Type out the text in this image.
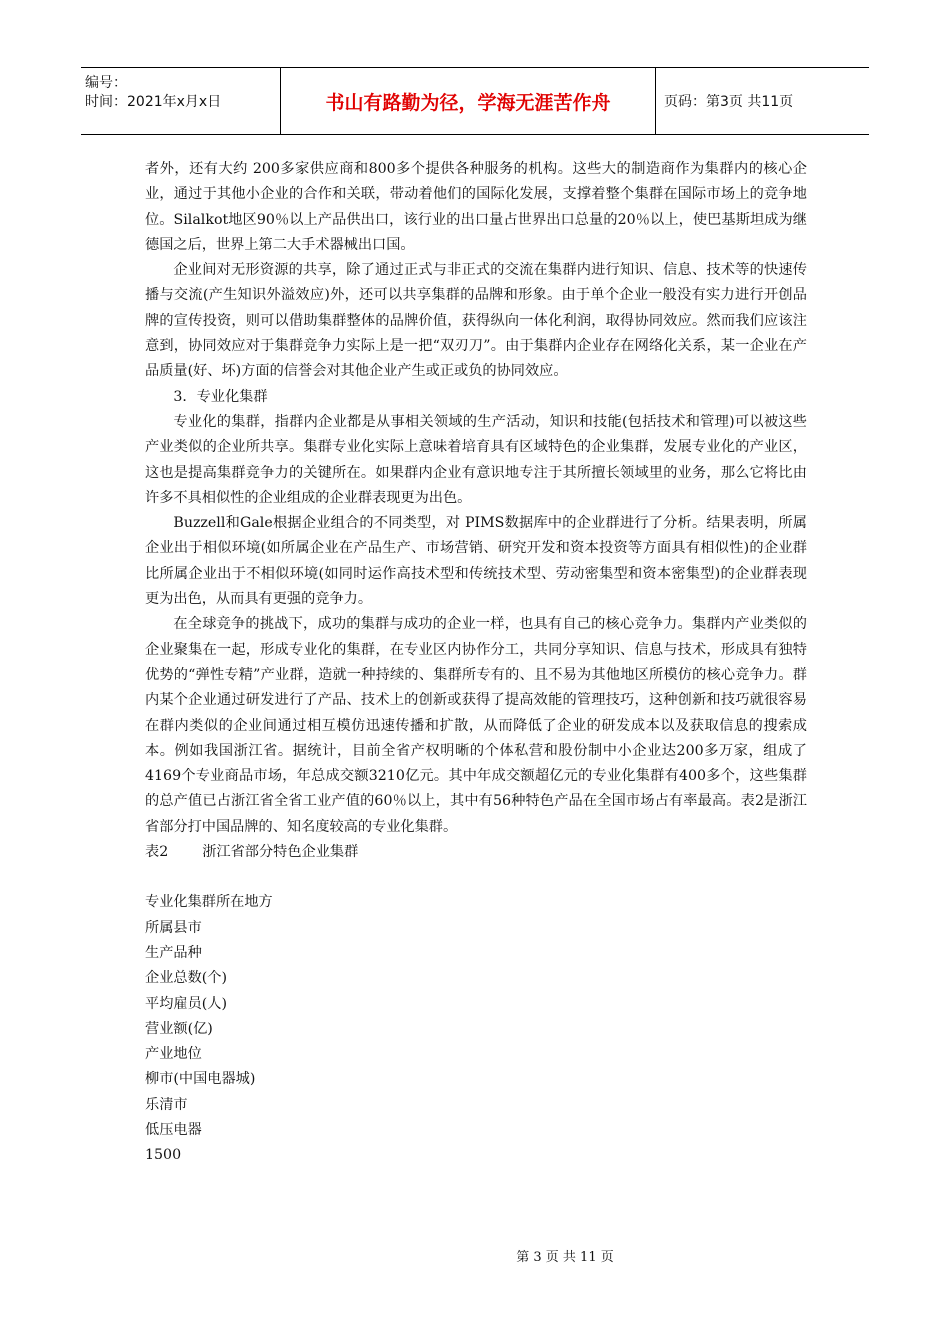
编号：
时间：2021年x月x日	书山有路勤为径，学海无涯苦作舟	页码：第3页 共11页

者外，还有大约 200多家供应商和800多个提供各种服务的机构。这些大的制造商作为集群内的核心企业，通过于其他小企业的合作和关联，带动着他们的国际化发展，支撑着整个集群在国际市场上的竞争地位。Silalkot地区90％以上产品供出口，该行业的出口量占世界出口总量的20％以上，使巴基斯坦成为继德国之后，世界上第二大手术器械出口国。

企业间对无形资源的共享，除了通过正式与非正式的交流在集群内进行知识、信息、技术等的快速传播与交流(产生知识外溢效应)外，还可以共享集群的品牌和形象。由于单个企业一般没有实力进行开创品牌的宣传投资，则可以借助集群整体的品牌价值，获得纵向一体化利润，取得协同效应。然而我们应该注意到，协同效应对于集群竞争力实际上是一把“双刃刀”。由于集群内企业存在网络化关系，某一企业在产品质量(好、坏)方面的信誉会对其他企业产生或正或负的协同效应。

3．专业化集群

专业化的集群，指群内企业都是从事相关领域的生产活动，知识和技能(包括技术和管理)可以被这些产业类似的企业所共享。集群专业化实际上意味着培育具有区域特色的企业集群，发展专业化的产业区，这也是提高集群竞争力的关键所在。如果群内企业有意识地专注于其所擅长领域里的业务，那么它将比由许多不具相似性的企业组成的企业群表现更为出色。

Buzzell和Gale根据企业组合的不同类型，对 PIMS数据库中的企业群进行了分析。结果表明，所属企业出于相似环境(如所属企业在产品生产、市场营销、研究开发和资本投资等方面具有相似性)的企业群比所属企业出于不相似环境(如同时运作高技术型和传统技术型、劳动密集型和资本密集型)的企业群表现更为出色，从而具有更强的竞争力。

在全球竞争的挑战下，成功的集群与成功的企业一样，也具有自己的核心竞争力。集群内产业类似的企业聚集在一起，形成专业化的集群，在专业区内协作分工，共同分享知识、信息与技术，形成具有独特优势的“弹性专精”产业群，造就一种持续的、集群所专有的、且不易为其他地区所模仿的核心竞争力。群内某个企业通过研发进行了产品、技术上的创新或获得了提高效能的管理技巧，这种创新和技巧就很容易在群内类似的企业间通过相互模仿迅速传播和扩散，从而降低了企业的研发成本以及获取信息的搜索成本。例如我国浙江省。据统计，目前全省产权明晰的个体私营和股份制中小企业达200多万家，组成了4169个专业商品市场，年总成交额3210亿元。其中年成交额超亿元的专业化集群有400多个，这些集群的总产值已占浙江省全省工业产值的60％以上，其中有56种特色产品在全国市场占有率最高。表2是浙江省部分打中国品牌的、知名度较高的专业化集群。

表2 浙江省部分特色企业集群

专业化集群所在地方
所属县市
生产品种
企业总数(个)
平均雇员(人)
营业额(亿)
产业地位
柳市(中国电器城)
乐清市
低压电器
1500
第 3 页 共 11 页
